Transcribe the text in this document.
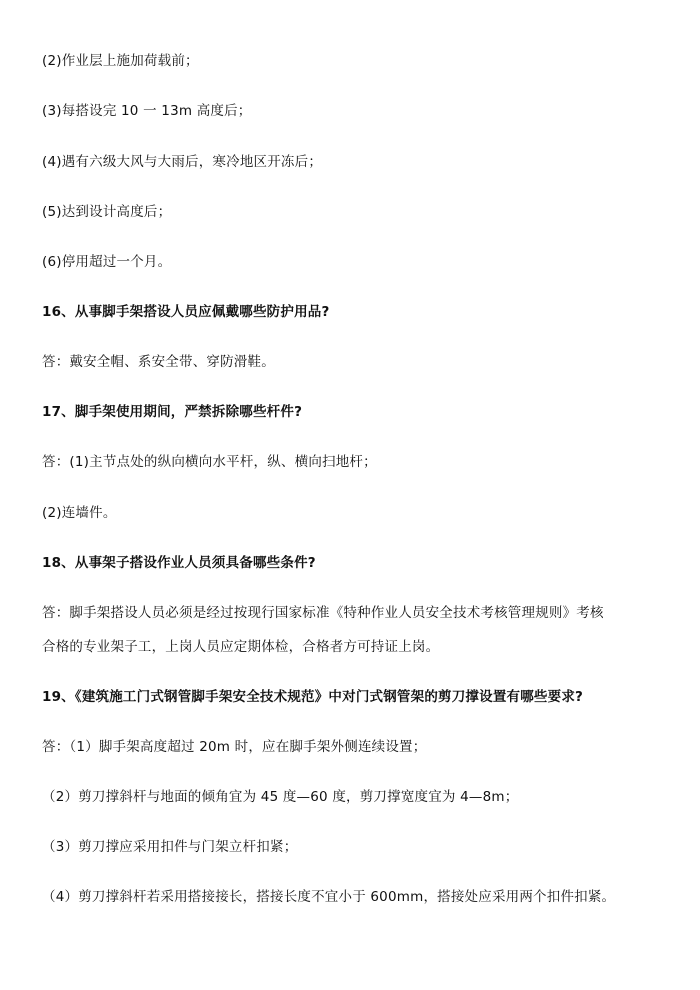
(2)作业层上施加荷载前；
(3)每搭设完 10 一 13m 高度后；
(4)遇有六级大风与大雨后，寒冷地区开冻后；
(5)达到设计高度后；
(6)停用超过一个月。
16、从事脚手架搭设人员应佩戴哪些防护用品?
答：戴安全帽、系安全带、穿防滑鞋。
17、脚手架使用期间，严禁拆除哪些杆件?
答：(1)主节点处的纵向横向水平杆，纵、横向扫地杆；
(2)连墙件。
18、从事架子搭设作业人员须具备哪些条件?
答：脚手架搭设人员必须是经过按现行国家标准《特种作业人员安全技术考核管理规则》考核
合格的专业架子工，上岗人员应定期体检，合格者方可持证上岗。
19、《建筑施工门式钢管脚手架安全技术规范》中对门式钢管架的剪刀撑设置有哪些要求?
答：（1）脚手架高度超过 20m 时，应在脚手架外侧连续设置；
（2）剪刀撑斜杆与地面的倾角宜为 45 度—60 度，剪刀撑宽度宜为 4—8m；
（3）剪刀撑应采用扣件与门架立杆扣紧；
（4）剪刀撑斜杆若采用搭接接长，搭接长度不宜小于 600mm，搭接处应采用两个扣件扣紧。
